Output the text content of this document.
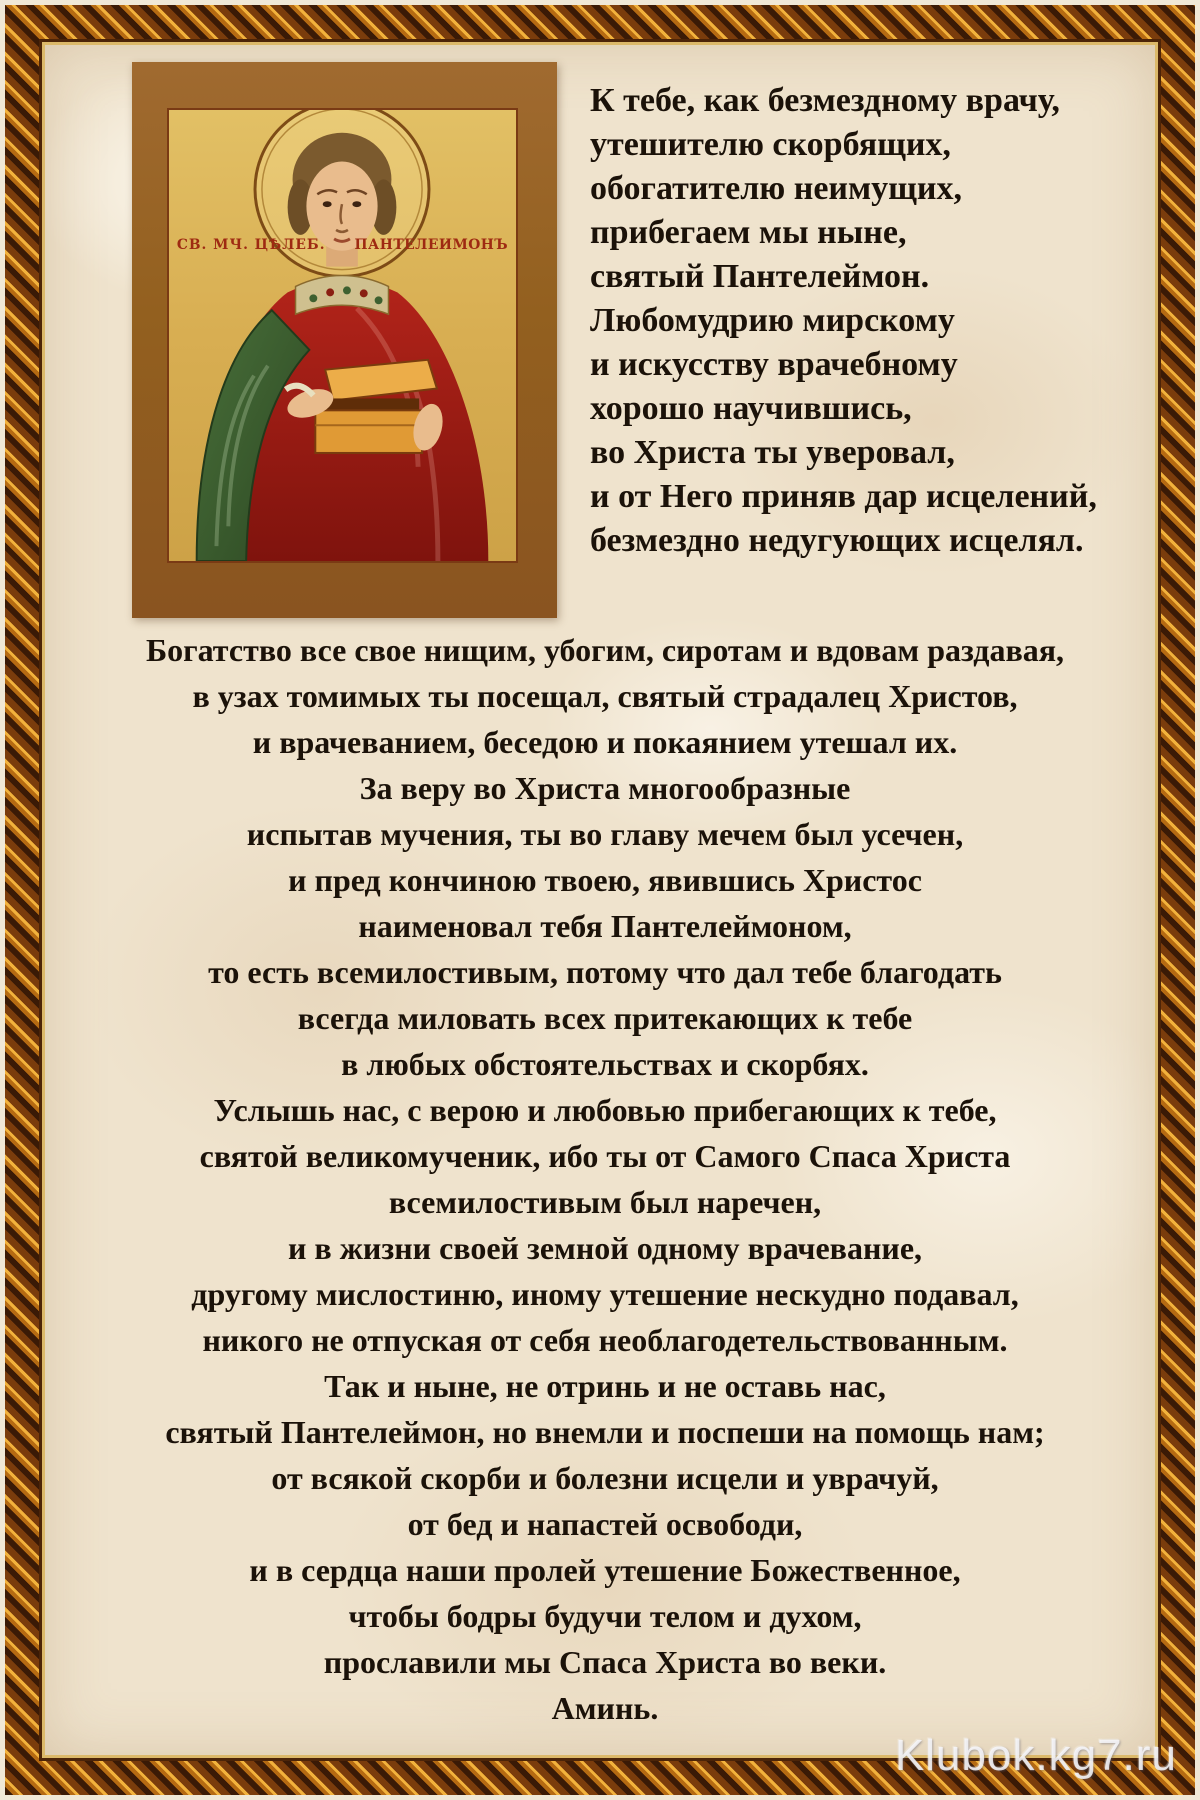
СВ. МЧ. ЦѢЛЕБ. ПАНТЕЛЕИМОНЪ
К тебе, как безмездному врачу,
утешителю скорбящих,
обогатителю неимущих,
прибегаем мы ныне,
святый Пантелеймон.
Любомудрию мирскому
и искусству врачебному
хорошо научившись,
во Христа ты уверовал,
и от Него приняв дар исцелений,
безмездно недугующих исцелял.
Богатство все свое нищим, убогим, сиротам и вдовам раздавая,
в узах томимых ты посещал, святый страдалец Христов,
и врачеванием, беседою и покаянием утешал их.
За веру во Христа многообразные
испытав мучения, ты во главу мечем был усечен,
и пред кончиною твоею, явившись Христос
наименовал тебя Пантелеймоном,
то есть всемилостивым, потому что дал тебе благодать
всегда миловать всех притекающих к тебе
в любых обстоятельствах и скорбях.
Услышь нас, с верою и любовью прибегающих к тебе,
святой великомученик, ибо ты от Самого Спаса Христа
всемилостивым был наречен,
и в жизни своей земной одному врачевание,
другому мислостиню, иному утешение нескудно подавал,
никого не отпуская от себя необлагодетельствованным.
Так и ныне, не отринь и не оставь нас,
святый Пантелеймон, но внемли и поспеши на помощь нам;
от всякой скорби и болезни исцели и уврачуй,
от бед и напастей освободи,
и в сердца наши пролей утешение Божественное,
чтобы бодры будучи телом и духом,
прославили мы Спаса Христа во веки.
Аминь.
Klubok.kg7.ru
